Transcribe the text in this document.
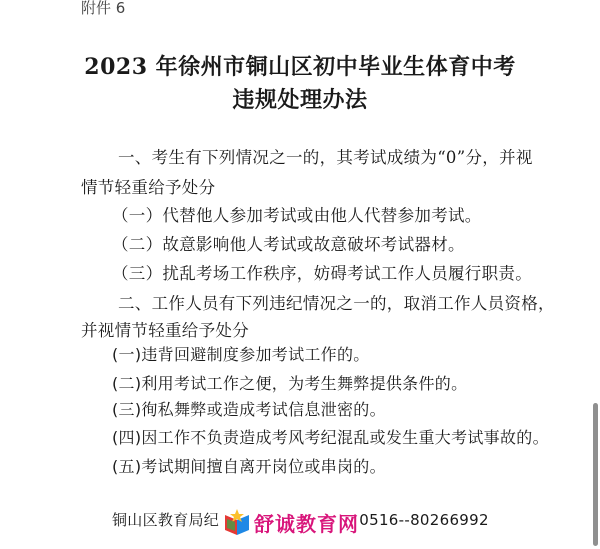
附件 6
2023 年徐州市铜山区初中毕业生体育中考
违规处理办法
一、考生有下列情况之一的，其考试成绩为“0”分，并视
情节轻重给予处分
（一）代替他人参加考试或由他人代替参加考试。
（二）故意影响他人考试或故意破坏考试器材。
（三）扰乱考场工作秩序，妨碍考试工作人员履行职责。
二、工作人员有下列违纪情况之一的，取消工作人员资格，
并视情节轻重给予处分
(一)违背回避制度参加考试工作的。
(二)利用考试工作之便，为考生舞弊提供条件的。
(三)徇私舞弊或造成考试信息泄密的。
(四)因工作不负责造成考风考纪混乱或发生重大考试事故的。
(五)考试期间擅自离开岗位或串岗的。
铜山区教育局纪	0516--80266992
舒诚教育网
